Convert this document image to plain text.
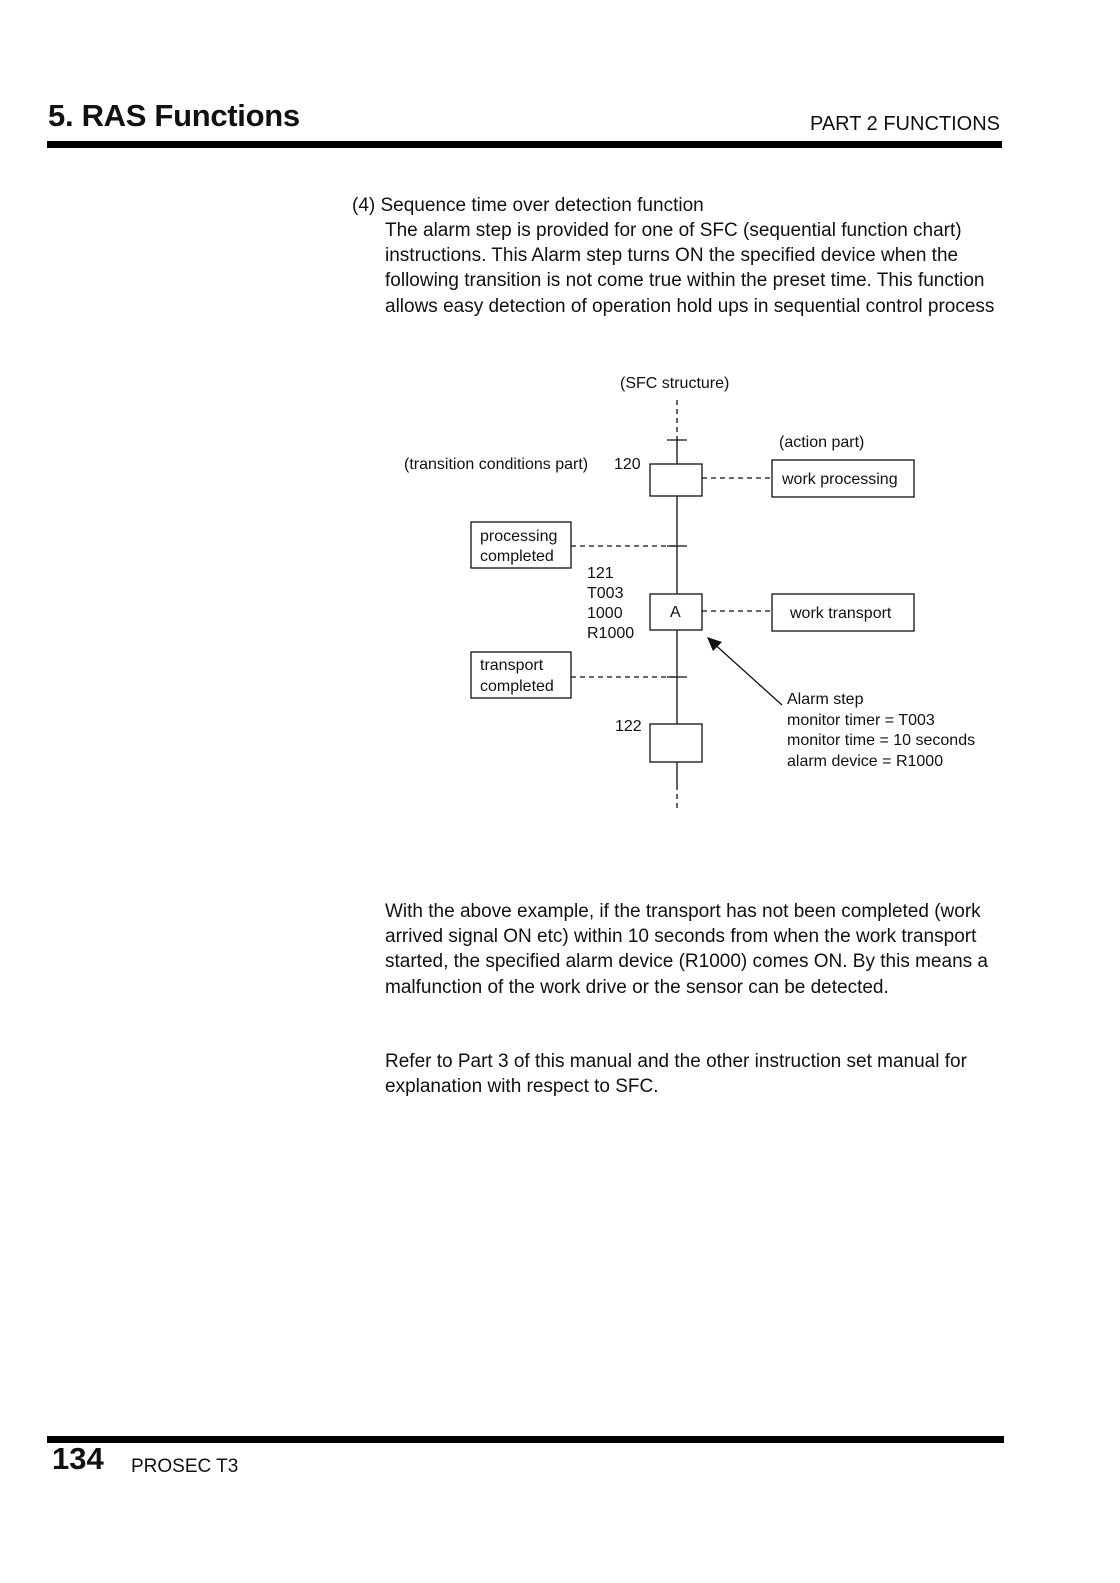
5. RAS Functions	PART 2 FUNCTIONS
(4) Sequence time over detection function
The alarm step is provided for one of SFC (sequential function chart) instructions. This Alarm step turns ON the specified device when the following transition is not come true within the preset time. This function allows easy detection of operation hold ups in sequential control process
(SFC structure)
(action part)
(transition conditions part) 120
work processing
processing
completed
121
T003
1000
R1000
A	work transport
transport
completed
122
Alarm step
monitor timer = T003
monitor time = 10 seconds
alarm device = R1000
With the above example, if the transport has not been completed (work arrived signal ON etc) within 10 seconds from when the work transport started, the specified alarm device (R1000) comes ON. By this means a malfunction of the work drive or the sensor can be detected.
Refer to Part 3 of this manual and the other instruction set manual for explanation with respect to SFC.
134 PROSEC T3
